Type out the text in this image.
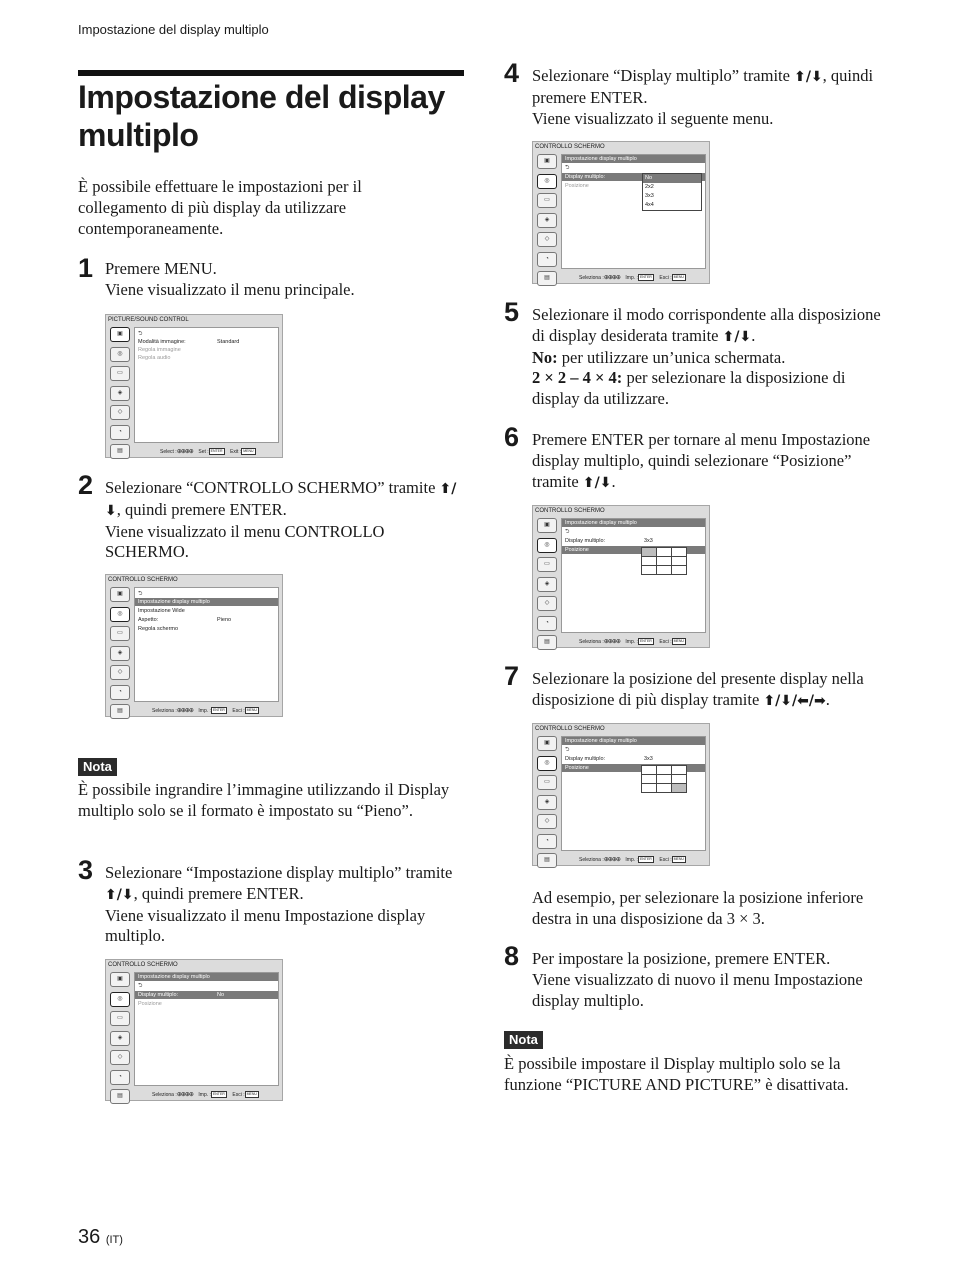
Impostazione del display multiplo
Impostazione del display multiplo
È possibile effettuare le impostazioni per il collegamento di più display da utilizzare contemporaneamente.
1 Premere MENU.
Viene visualizzato il menu principale.
PICTURE/SOUND CONTROL
▣
◎
▭
◈
◇
◔
▤
⮌
Modalità immagine:	Standard
Regola immagine
Regola audio
Select :⊕⊕⊕⊕ Set : ENTER Exit : MENU
2 Selezionare “CONTROLLO SCHERMO” tramite ⬆/⬇, quindi premere ENTER.
Viene visualizzato il menu CONTROLLO SCHERMO.
CONTROLLO SCHERMO
▣
◎
▭
◈
◇
◔
▤
⮌
Impostazione display multiplo
Impostazione Wide
Aspetto:	Pieno
Regola schermo
Seleziona :⊕⊕⊕⊕ Imp. : ENTER Esci : MENU
Nota
È possibile ingrandire l’immagine utilizzando il Display multiplo solo se il formato è impostato su “Pieno”.
3 Selezionare “Impostazione display multiplo” tramite ⬆/⬇, quindi premere ENTER.
Viene visualizzato il menu Impostazione display multiplo.
CONTROLLO SCHERMO
▣
◎
▭
◈
◇
◔
▤
Impostazione display multiplo
⮌
Display multiplo:	No
Posizione
Seleziona :⊕⊕⊕⊕ Imp. : ENTER Esci : MENU
4 Selezionare “Display multiplo” tramite ⬆/⬇, quindi premere ENTER.
Viene visualizzato il seguente menu.
CONTROLLO SCHERMO
▣
◎
▭
◈
◇
◔
▤
Impostazione display multiplo
⮌
Display multiplo:
Posizione
No
2x2
3x3
4x4
Seleziona :⊕⊕⊕⊕ Imp. : ENTER Esci : MENU
5 Selezionare il modo corrispondente alla disposizione di display desiderata tramite ⬆/⬇.
No: per utilizzare un’unica schermata.
2 × 2 – 4 × 4: per selezionare la disposizione di display da utilizzare.
6 Premere ENTER per tornare al menu Impostazione display multiplo, quindi selezionare “Posizione” tramite ⬆/⬇.
CONTROLLO SCHERMO
▣
◎
▭
◈
◇
◔
▤
Impostazione display multiplo
⮌
Display multiplo:	3x3
Posizione

Seleziona :⊕⊕⊕⊕ Imp. : ENTER Esci : MENU
7 Selezionare la posizione del presente display nella disposizione di più display tramite ⬆/⬇/⬅/➡.
CONTROLLO SCHERMO
▣
◎
▭
◈
◇
◔
▤
Impostazione display multiplo
⮌
Display multiplo:	3x3
Posizione

Seleziona :⊕⊕⊕⊕ Imp. : ENTER Esci : MENU
Ad esempio, per selezionare la posizione inferiore destra in una disposizione da 3 × 3.
8 Per impostare la posizione, premere ENTER.
Viene visualizzato di nuovo il menu Impostazione display multiplo.
Nota
È possibile impostare il Display multiplo solo se la funzione “PICTURE AND PICTURE” è disattivata.
36 (IT)
